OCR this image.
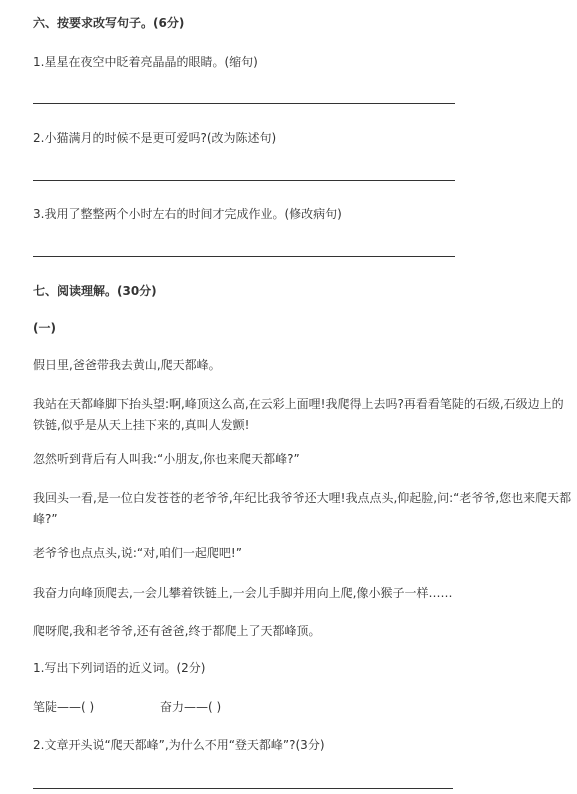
六、按要求改写句子。(6分)
1.星星在夜空中眨着亮晶晶的眼睛。(缩句)
2.小猫满月的时候不是更可爱吗?(改为陈述句)
3.我用了整整两个小时左右的时间才完成作业。(修改病句)
七、阅读理解。(30分)
(一)
假日里,爸爸带我去黄山,爬天都峰。
我站在天都峰脚下抬头望:啊,峰顶这么高,在云彩上面哩!我爬得上去吗?再看看笔陡的石级,石级边上的铁链,似乎是从天上挂下来的,真叫人发颤!
忽然听到背后有人叫我:“小朋友,你也来爬天都峰?”
我回头一看,是一位白发苍苍的老爷爷,年纪比我爷爷还大哩!我点点头,仰起脸,问:“老爷爷,您也来爬天都峰?”
老爷爷也点点头,说:“对,咱们一起爬吧!”
我奋力向峰顶爬去,一会儿攀着铁链上,一会儿手脚并用向上爬,像小猴子一样……
爬呀爬,我和老爷爷,还有爸爸,终于都爬上了天都峰顶。
1.写出下列词语的近义词。(2分)
笔陡——( )	奋力——( )
2.文章开头说“爬天都峰”,为什么不用“登天都峰”?(3分)
